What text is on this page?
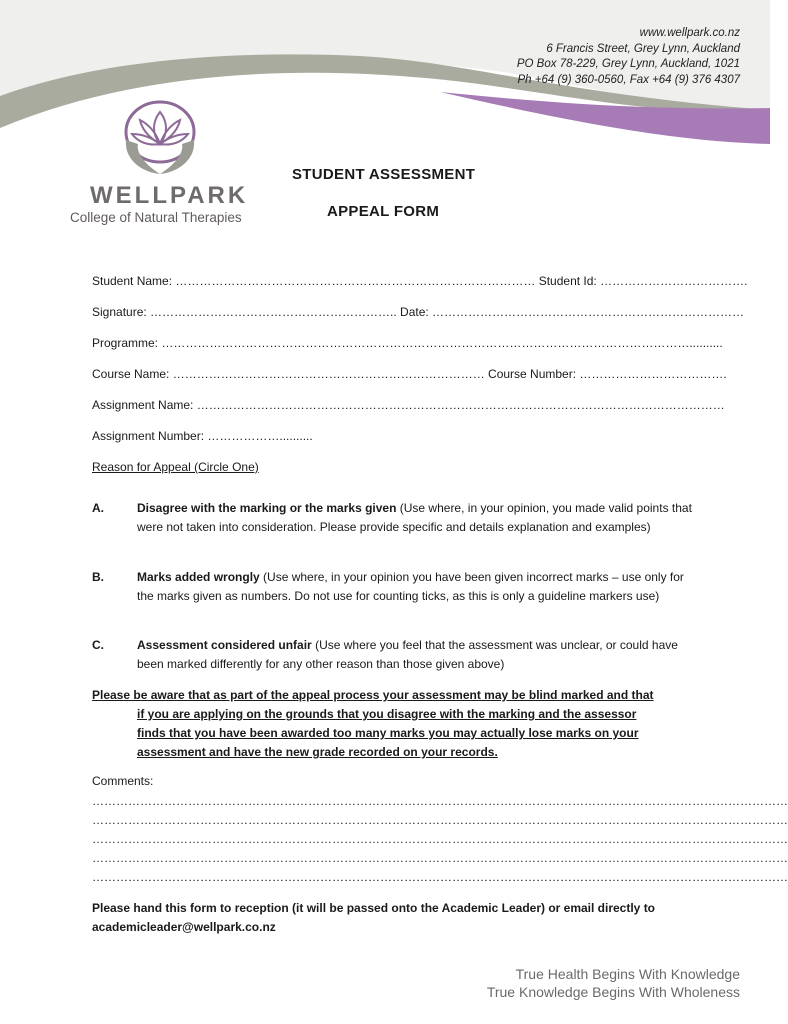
www.wellpark.co.nz
6 Francis Street, Grey Lynn, Auckland
PO Box 78-229, Grey Lynn, Auckland, 1021
Ph +64 (9) 360-0560, Fax +64 (9) 376 4307
WELLPARK
College of Natural Therapies
STUDENT ASSESSMENT
APPEAL FORM
Student Name: ……………………………………………………………………………… Student Id: ……………………………….
Signature: …………………………………………………….. Date: ……………………………………………………………………
Programme: ……………………………………………………………………………………………………………………..........
Course Name: …………………………………………………………………… Course Number: ……………………………….
Assignment Name: ……………………………………………………………………………………………………………………
Assignment Number: ………………..........
Reason for Appeal (Circle One)
A.	Disagree with the marking or the marks given (Use where, in your opinion, you made valid points that were not taken into consideration. Please provide specific and details explanation and examples)
B.	Marks added wrongly (Use where, in your opinion you have been given incorrect marks – use only for the marks given as numbers. Do not use for counting ticks, as this is only a guideline markers use)
C.	Assessment considered unfair (Use where you feel that the assessment was unclear, or could have been marked differently for any other reason than those given above)
Please be aware that as part of the appeal process your assessment may be blind marked and that
if you are applying on the grounds that you disagree with the marking and the assessor
finds that you have been awarded too many marks you may actually lose marks on your
assessment and have the new grade recorded on your records.
Comments:
…………………………………………………………………………………………………………………………………………………………
…………………………………………………………………………………………………………………………………………………………
…………………………………………………………………………………………………………………………………………………………
…………………………………………………………………………………………………………………………………………………………
…………………………………………………………………………………………………………………………………………………………
Please hand this form to reception (it will be passed onto the Academic Leader) or email directly to academicleader@wellpark.co.nz
True Health Begins With Knowledge
True Knowledge Begins With Wholeness
